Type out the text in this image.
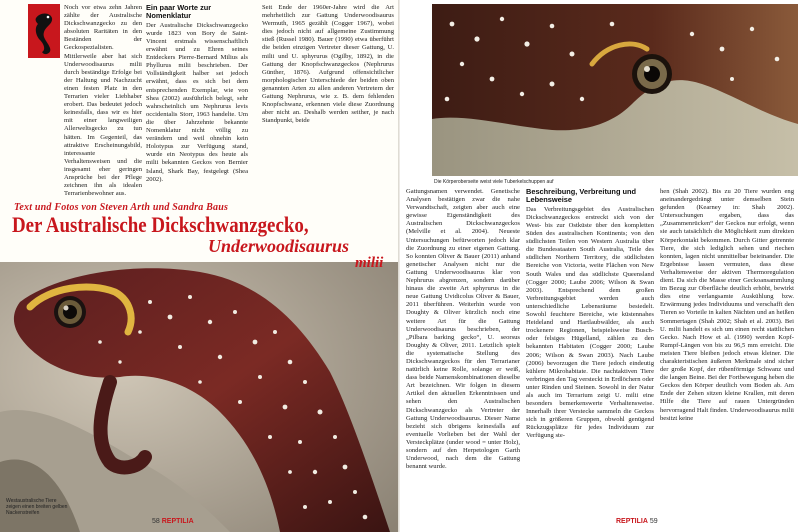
Noch vor etwa zehn Jahren zählte der Australische Dickschwanzgecko zu den absoluten Raritäten in den Beständen der Geckospezialisten. Mittlerweile aber hat sich Underwoodisaurus milii durch beständige Erfolge bei der Haltung und Nachzucht einen festen Platz in den Terrarien vieler Liebhaber erobert. Das bedeutet jedoch keinesfalls, dass wir es hier mit einer langweiligen Allerweltsgecko zu tun hätten. Im Gegenteil, das attraktive Erscheinungsbild, interessante Verhaltensweisen und die insgesamt eher geringen Ansprüche bei der Pflege zeichnen ihn als idealen Terrarienbewohner aus.

Ein paar Worte zur Nomenklatur

Der Australische Dickschwanzgecko wurde 1823 von Bory de Saint-Vincent erstmals wissenschaftlich erwähnt und zu Ehren seines Entdeckers Pierre-Bernard Milius als Phyllurus milii beschrieben. Der Vollständigkeit halber sei jedoch erwähnt, dass es sich bei dem entsprechenden Exemplar, wie von Shea (2002) ausführlich belegt, sehr wahrscheinlich um Nephrurus levis occidentalis Storr, 1963 handelte. Um die über Jahrzehnte bekannte Nomenklatur nicht völlig zu verändern und weil ohnehin kein Holotypus zur Verfügung stand, wurde ein Neotypus des heute als milii bekannten Geckos von Bernier Island, Shark Bay, festgelegt (Shea 2002).

Seit Ende der 1960er-Jahre wird die Art mehrheitlich zur Gattung Underwoodisaurus Wermuth, 1965 gezählt (Cogger 1967), wobei dies jedoch nicht auf allgemeine Zustimmung stieß (Russel 1980). Bauer (1990) etwa überführt die beiden einzigen Vertreter dieser Gattung, U. milii und U. sphyrurus (Ogilby, 1892), in die Gattung der Knopfschwanzgeckos (Nephrurus Günther, 1876). Aufgrund offensichtlicher morphologischer Unterschiede der beiden oben genannten Arten zu allen anderen Vertretern der Gattung Nephrurus, wie z. B. dem fehlenden Knopfschwanz, erkennen viele diese Zuordnung aber nicht an. Deshalb werden seither, je nach Standpunkt, beide

Text und Fotos von Steven Arth und Sandra Baus
Der Australische Dickschwanzgecko,
Underwoodisaurus
milii
Westaustralische Tiere zeigen einen breiten gelben Nackenstreifen
58 REPTILIA
Die Körperoberseite weist viele Tuberkelschuppen auf

Gattungsnamen verwendet. Genetische Analysen bestätigen zwar die nahe Verwandtschaft, zeigten aber auch eine gewisse Eigenständigkeit des Australischen Dickschwanzgeckos (Melville et al. 2004). Neueste Untersuchungen befürworten jedoch klar die Zuordnung zu einer eigenen Gattung. So konnten Oliver & Bauer (2011) anhand genetischer Analysen nicht nur die Gattung Underwoodisaurus klar von Nephrurus abgrenzen, sondern darüber hinaus die zweite Art sphyrurus in die neue Gattung Uvidicolus Oliver & Bauer, 2011 überführen. Weiterhin wurde von Doughty & Oliver kürzlich noch eine weitere Art für die Gattung Underwoodisaurus beschrieben, der „Pilbara barking gecko“, U. seorsus Doughty & Oliver, 2011. Letztlich spielt die systematische Stellung des Dickschwanzgeckos für den Terrarianer natürlich keine Rolle, solange er weiß, dass beide Namenskombinationen dieselbe Art bezeichnen. Wir folgen in diesem Artikel den aktuellen Erkenntnissen und sehen den Australischen Dickschwanzgecko als Vertreter der Gattung Underwoodisaurus. Dieser Name bezieht sich übrigens keinesfalls auf eventuelle Vorlieben bei der Wahl der Versteckplätze (under wood = unter Holz), sondern auf den Herpetologen Garth Underwood, nach dem die Gattung benannt wurde.

Beschreibung, Verbreitung und Lebensweise

Das Verbreitungsgebiet des Australischen Dickschwanzgeckos erstreckt sich von der West- bis zur Ostküste über den kompletten Süden des australischen Kontinents; von den südlichsten Teilen von Western Australia über die Bundesstaaten South Australia, Teile des südlichen Northern Territory, die südlichsten Bereiche von Victoria, weite Flächen von New South Wales und das südlichste Queensland (Cogger 2000; Laube 2006; Wilson & Swan 2003). Entsprechend dem großen Verbreitungsgebiet werden auch unterschiedliche Lebensräume besiedelt. Sowohl feuchtere Bereiche, wie küstennahes Heideland und Hartlaubwälder, als auch trockenere Regionen, beispielsweise Busch- oder felsiges Hügelland, zählen zu den bekannten Habitaten (Cogger 2000; Laube 2006; Wilson & Swan 2003). Nach Laube (2006) bevorzugen die Tiere jedoch eindeutig kühlere Mikrohabitate. Die nachtaktiven Tiere verbringen den Tag versteckt in Erdlöchern oder unter Rinden und Steinen. Sowohl in der Natur als auch im Terrarium zeigt U. milii eine besonders bemerkenswerte Verhaltensweise. Innerhalb ihrer Verstecke sammeln die Geckos sich in größeren Gruppen, obwohl genügend Rückzugsplätze für jedes Individuum zur Verfügung ste-

hen (Shah 2002). Bis zu 20 Tiere wurden eng aneinandergedrängt unter demselben Stein gefunden (Kearney in: Shah 2002). Untersuchungen ergaben, dass das „Zusammenrücken“ der Geckos nur erfolgt, wenn sie auch tatsächlich die Möglichkeit zum direkten Körperkontakt bekommen. Durch Gitter getrennte Tiere, die sich lediglich sehen und riechen konnten, lagen nicht unmittelbar beieinander. Die Ergebnisse lassen vermuten, dass diese Verhaltensweise der aktiven Thermoregulation dient. Da sich die Masse einer Geckoansammlung im Bezug zur Oberfläche deutlich erhöht, bewirkt dies eine verlangsamte Auskühlung bzw. Erwärmung jedes Individuums und verschafft den Tieren so Vorteile in kalten Nächten und an heißen Sommertagen (Shah 2002; Shah et al. 2003). Bei U. milii handelt es sich um einen recht stattlichen Gecko. Nach How et al. (1990) werden Kopf-Rumpf-Längen von bis zu 96,5 mm erreicht. Die meisten Tiere bleiben jedoch etwas kleiner. Die charakteristischen äußeren Merkmale sind sicher der große Kopf, der rübenförmige Schwanz und die langen Beine. Bei der Fortbewegung heben die Geckos den Körper deutlich vom Boden ab. Am Ende der Zehen sitzen kleine Krallen, mit deren Hilfe die Tiere auf rauen Untergründen hervorragend Halt finden. Underwoodisaurus milii besitzt keine

REPTILIA 59
